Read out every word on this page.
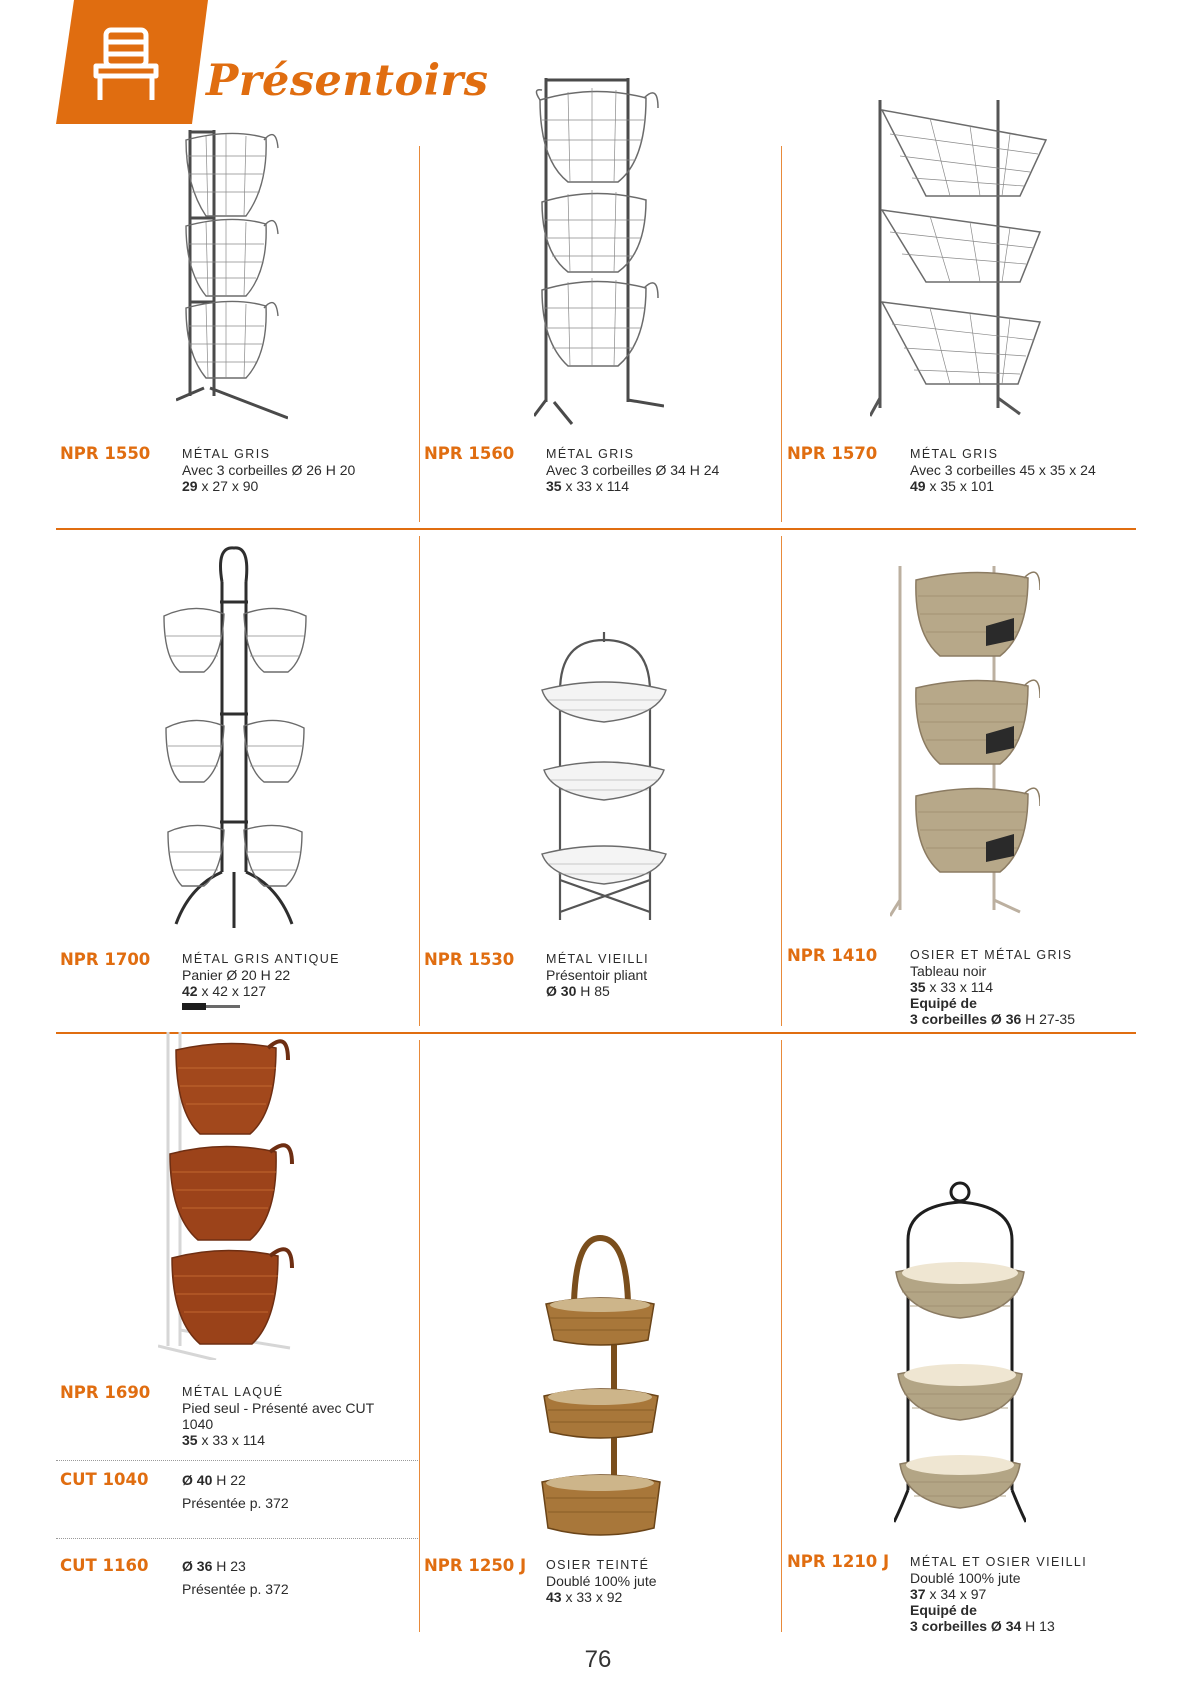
Présentoirs
NPR 1550	MÉTAL GRIS
Avec 3 corbeilles Ø 26 H 20
29 x 27 x 90
NPR 1560	MÉTAL GRIS
Avec 3 corbeilles Ø 34 H 24
35 x 33 x 114
NPR 1570	MÉTAL GRIS
Avec 3 corbeilles 45 x 35 x 24
49 x 35 x 101
NPR 1700	MÉTAL GRIS ANTIQUE
Panier Ø 20 H 22
42 x 42 x 127
NPR 1530	MÉTAL VIEILLI
Présentoir pliant
Ø 30 H 85
NPR 1410	OSIER ET MÉTAL GRIS
Tableau noir
35 x 33 x 114
Equipé de
3 corbeilles Ø 36 H 27-35
NPR 1690	MÉTAL LAQUÉ
Pied seul - Présenté avec CUT
1040
35 x 33 x 114
CUT 1040 Ø 40 H 22
Présentée p. 372
CUT 1160 Ø 36 H 23
Présentée p. 372
NPR 1250 J OSIER TEINTÉ
Doublé 100% jute
43 x 33 x 92
NPR 1210 J MÉTAL ET OSIER VIEILLI
Doublé 100% jute
37 x 34 x 97
Equipé de
3 corbeilles Ø 34 H 13
76
